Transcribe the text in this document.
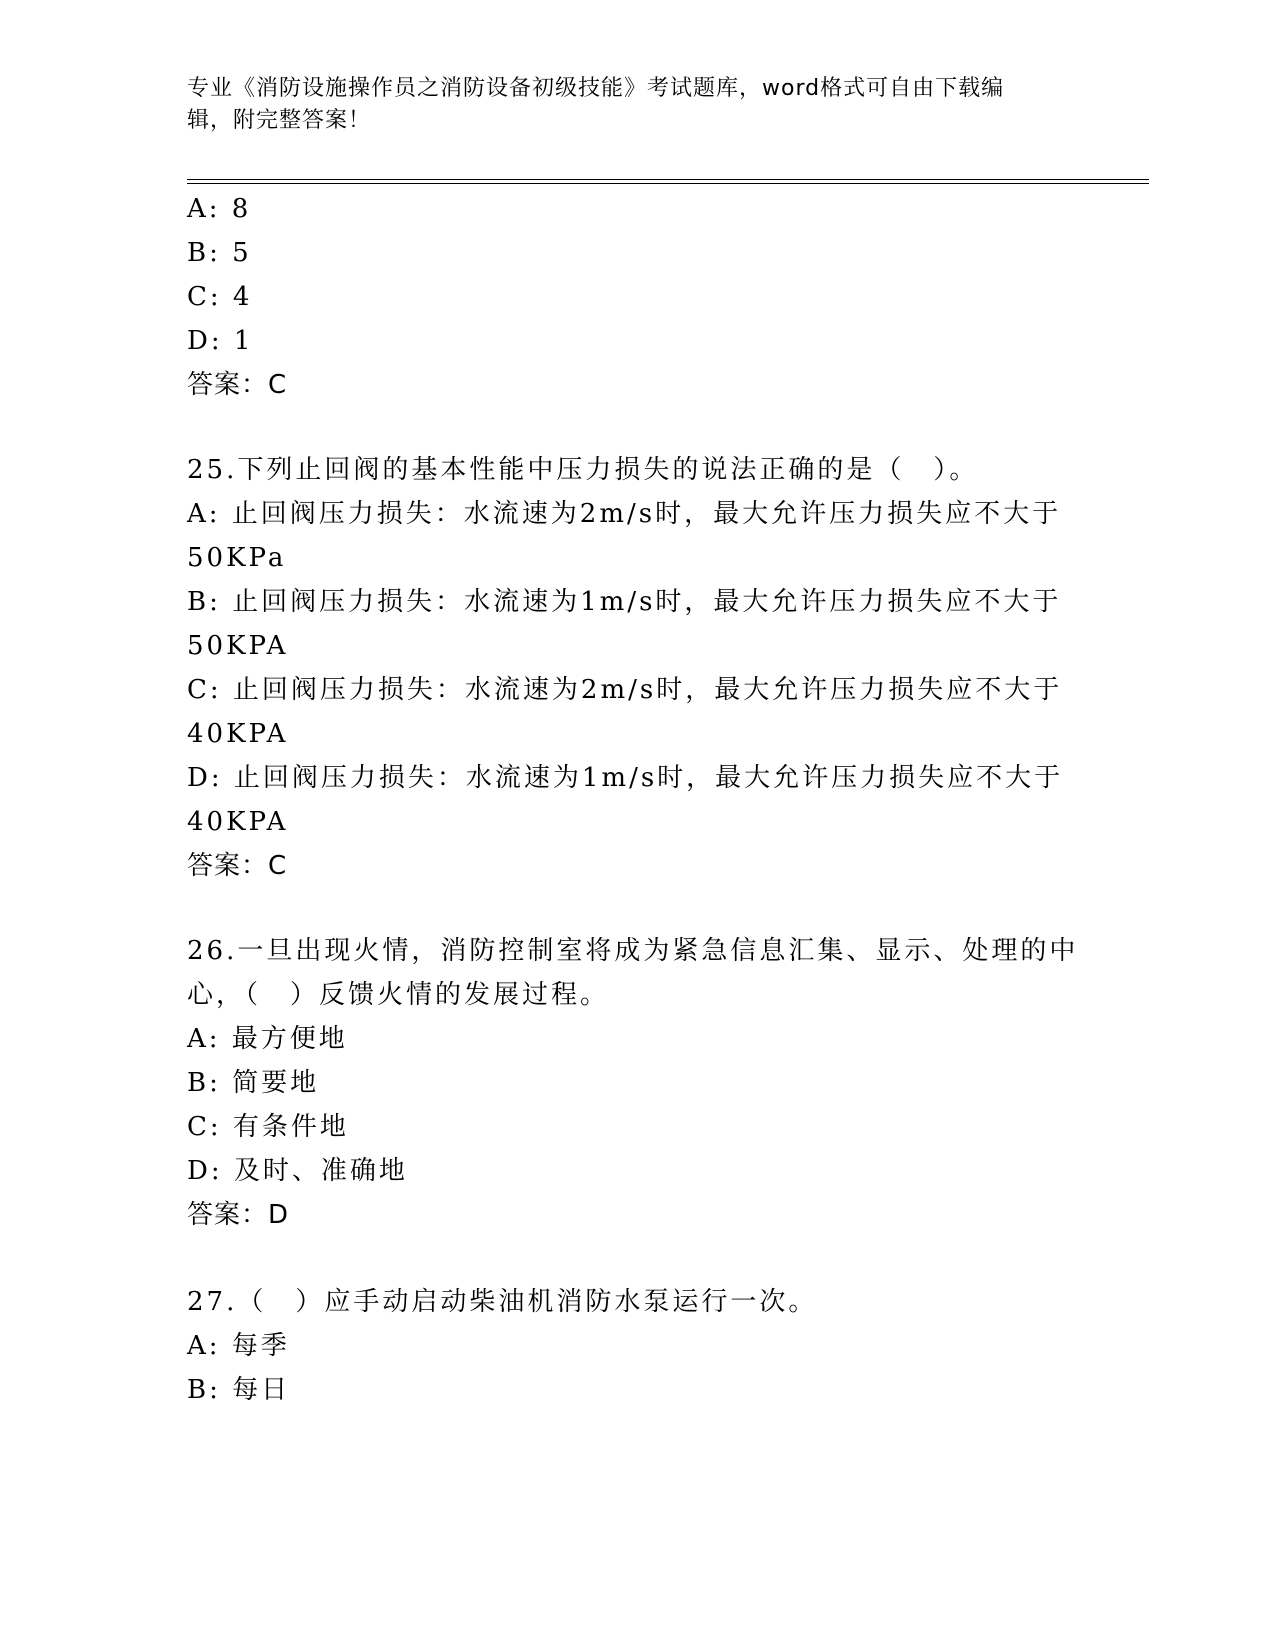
专业《消防设施操作员之消防设备初级技能》考试题库，word格式可自由下载编
辑，附完整答案！
A: 8
B: 5
C: 4
D: 1
答案：C
25.下列止回阀的基本性能中压力损失的说法正确的是（　）。
A: 止回阀压力损失：水流速为2m/s时，最大允许压力损失应不大于
50KPa
B: 止回阀压力损失：水流速为1m/s时，最大允许压力损失应不大于
50KPA
C: 止回阀压力损失：水流速为2m/s时，最大允许压力损失应不大于
40KPA
D: 止回阀压力损失：水流速为1m/s时，最大允许压力损失应不大于
40KPA
答案：C
26.一旦出现火情，消防控制室将成为紧急信息汇集、显示、处理的中
心，（　）反馈火情的发展过程。
A: 最方便地
B: 简要地
C: 有条件地
D: 及时、准确地
答案：D
27.（　）应手动启动柴油机消防水泵运行一次。
A: 每季
B: 每日
